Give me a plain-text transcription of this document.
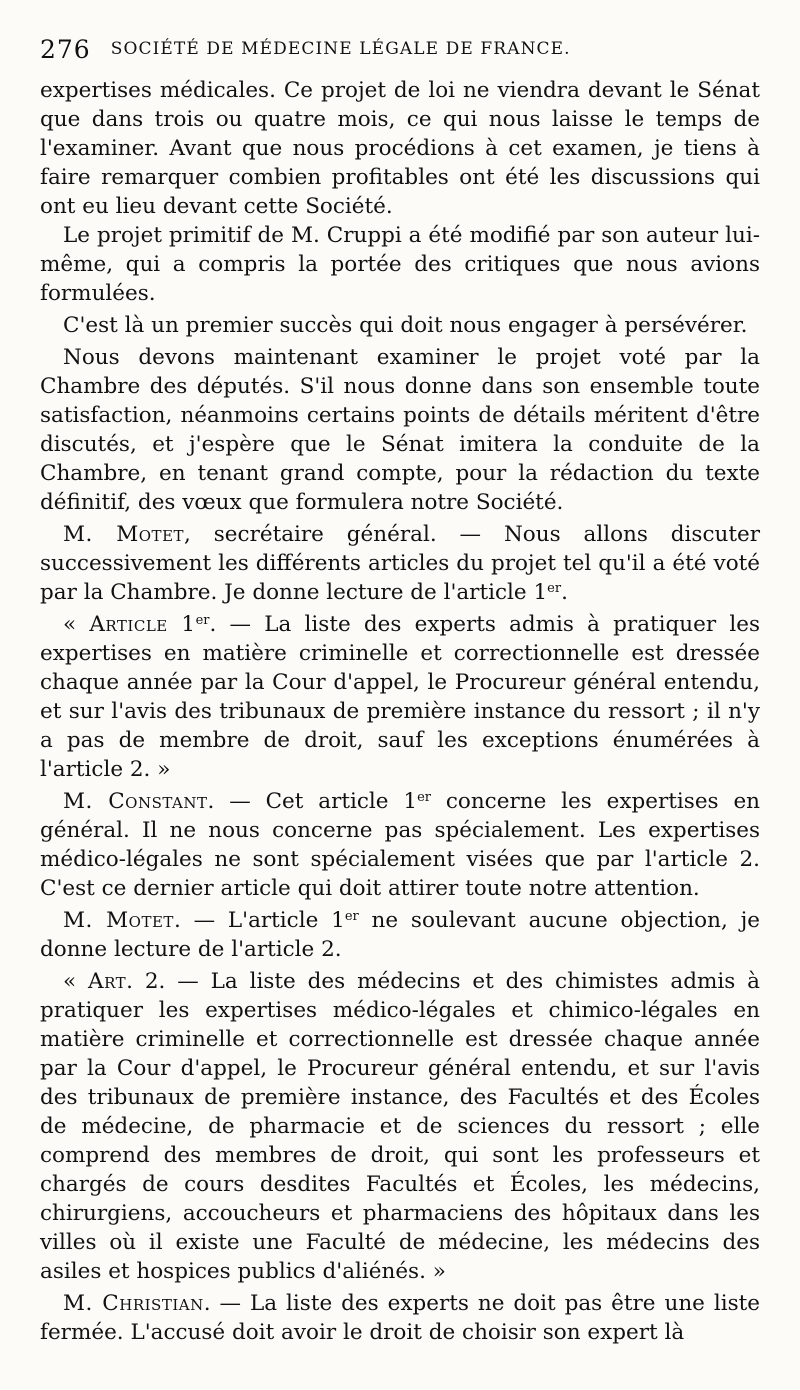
276 SOCIÉTÉ DE MÉDECINE LÉGALE DE FRANCE.

expertises médicales. Ce projet de loi ne viendra devant le Sénat que dans trois ou quatre mois, ce qui nous laisse le temps de l'examiner. Avant que nous procédions à cet examen, je tiens à faire remarquer combien profitables ont été les discussions qui ont eu lieu devant cette Société.

Le projet primitif de M. Cruppi a été modifié par son auteur lui-même, qui a compris la portée des critiques que nous avions formulées.

C'est là un premier succès qui doit nous engager à persévérer.

Nous devons maintenant examiner le projet voté par la Chambre des députés. S'il nous donne dans son ensemble toute satisfaction, néanmoins certains points de détails méritent d'être discutés, et j'espère que le Sénat imitera la conduite de la Chambre, en tenant grand compte, pour la rédaction du texte définitif, des vœux que formulera notre Société.

M. Motet, secrétaire général. — Nous allons discuter successivement les différents articles du projet tel qu'il a été voté par la Chambre. Je donne lecture de l'article 1er.

« Article 1er. — La liste des experts admis à pratiquer les expertises en matière criminelle et correctionnelle est dressée chaque année par la Cour d'appel, le Procureur général entendu, et sur l'avis des tribunaux de première instance du ressort ; il n'y a pas de membre de droit, sauf les exceptions énumérées à l'article 2. »

M. Constant. — Cet article 1er concerne les expertises en général. Il ne nous concerne pas spécialement. Les expertises médico-légales ne sont spécialement visées que par l'article 2. C'est ce dernier article qui doit attirer toute notre attention.

M. Motet. — L'article 1er ne soulevant aucune objection, je donne lecture de l'article 2.

« Art. 2. — La liste des médecins et des chimistes admis à pratiquer les expertises médico-légales et chimico-légales en matière criminelle et correctionnelle est dressée chaque année par la Cour d'appel, le Procureur général entendu, et sur l'avis des tribunaux de première instance, des Facultés et des Écoles de médecine, de pharmacie et de sciences du ressort ; elle comprend des membres de droit, qui sont les professeurs et chargés de cours desdites Facultés et Écoles, les médecins, chirurgiens, accoucheurs et pharmaciens des hôpitaux dans les villes où il existe une Faculté de médecine, les médecins des asiles et hospices publics d'aliénés. »

M. Christian. — La liste des experts ne doit pas être une liste fermée. L'accusé doit avoir le droit de choisir son expert là
